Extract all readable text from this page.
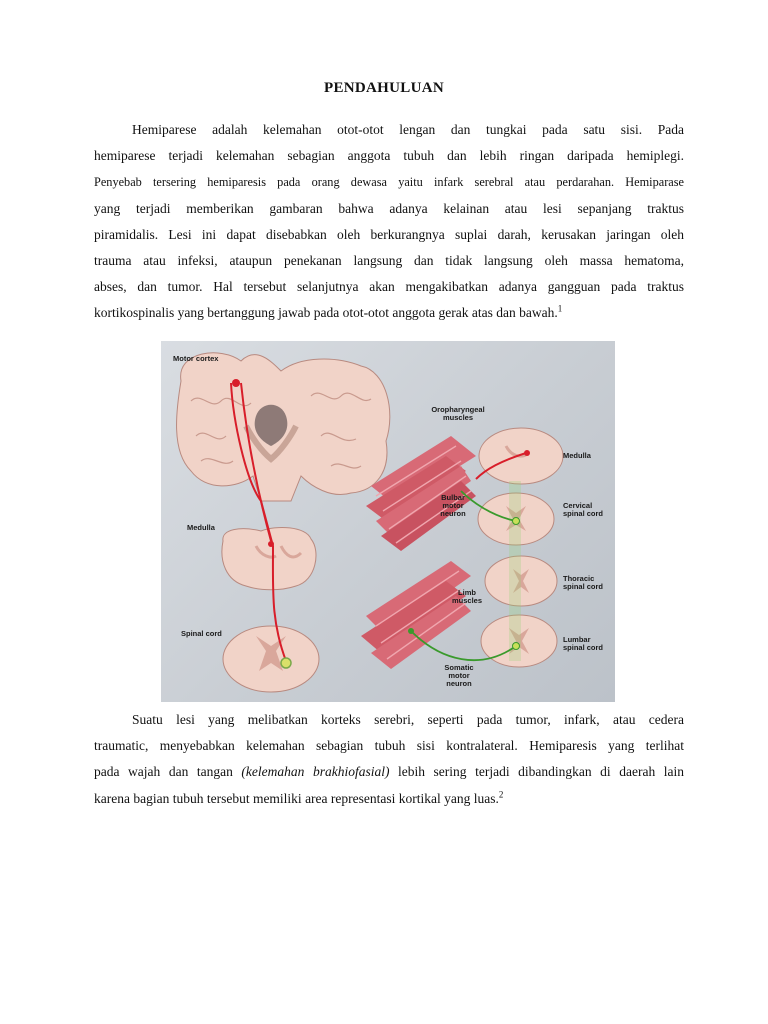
PENDAHULUAN

Hemiparese adalah kelemahan otot-otot lengan dan tungkai pada satu sisi. Pada
hemiparese terjadi kelemahan sebagian anggota tubuh dan lebih ringan daripada hemiplegi.
Penyebab tersering hemiparesis pada orang dewasa yaitu infark serebral atau perdarahan. Hemiparase
yang terjadi memberikan gambaran bahwa adanya kelainan atau lesi sepanjang traktus
piramidalis. Lesi ini dapat disebabkan oleh berkurangnya suplai darah, kerusakan jaringan oleh
trauma atau infeksi, ataupun penekanan langsung dan tidak langsung oleh massa hematoma,
abses, dan tumor. Hal tersebut selanjutnya akan mengakibatkan adanya gangguan pada traktus
kortikospinalis yang bertanggung jawab pada otot-otot anggota gerak atas dan bawah.$^1$

Motor cortex
Medulla
Spinal cord
Oropharyngeal
muscles
Medulla
Bulbar
motor
neuron
Cervical
spinal cord
Thoracic
spinal cord
Limb
muscles
Lumbar
spinal cord
Somatic
motor
neuron

Suatu lesi yang melibatkan korteks serebri, seperti pada tumor, infark, atau cedera
traumatic, menyebabkan kelemahan sebagian tubuh sisi kontralateral. Hemiparesis yang terlihat
pada wajah dan tangan (kelemahan brakhiofasial) lebih sering terjadi dibandingkan di daerah lain
karena bagian tubuh tersebut memiliki area representasi kortikal yang luas.$^2$
